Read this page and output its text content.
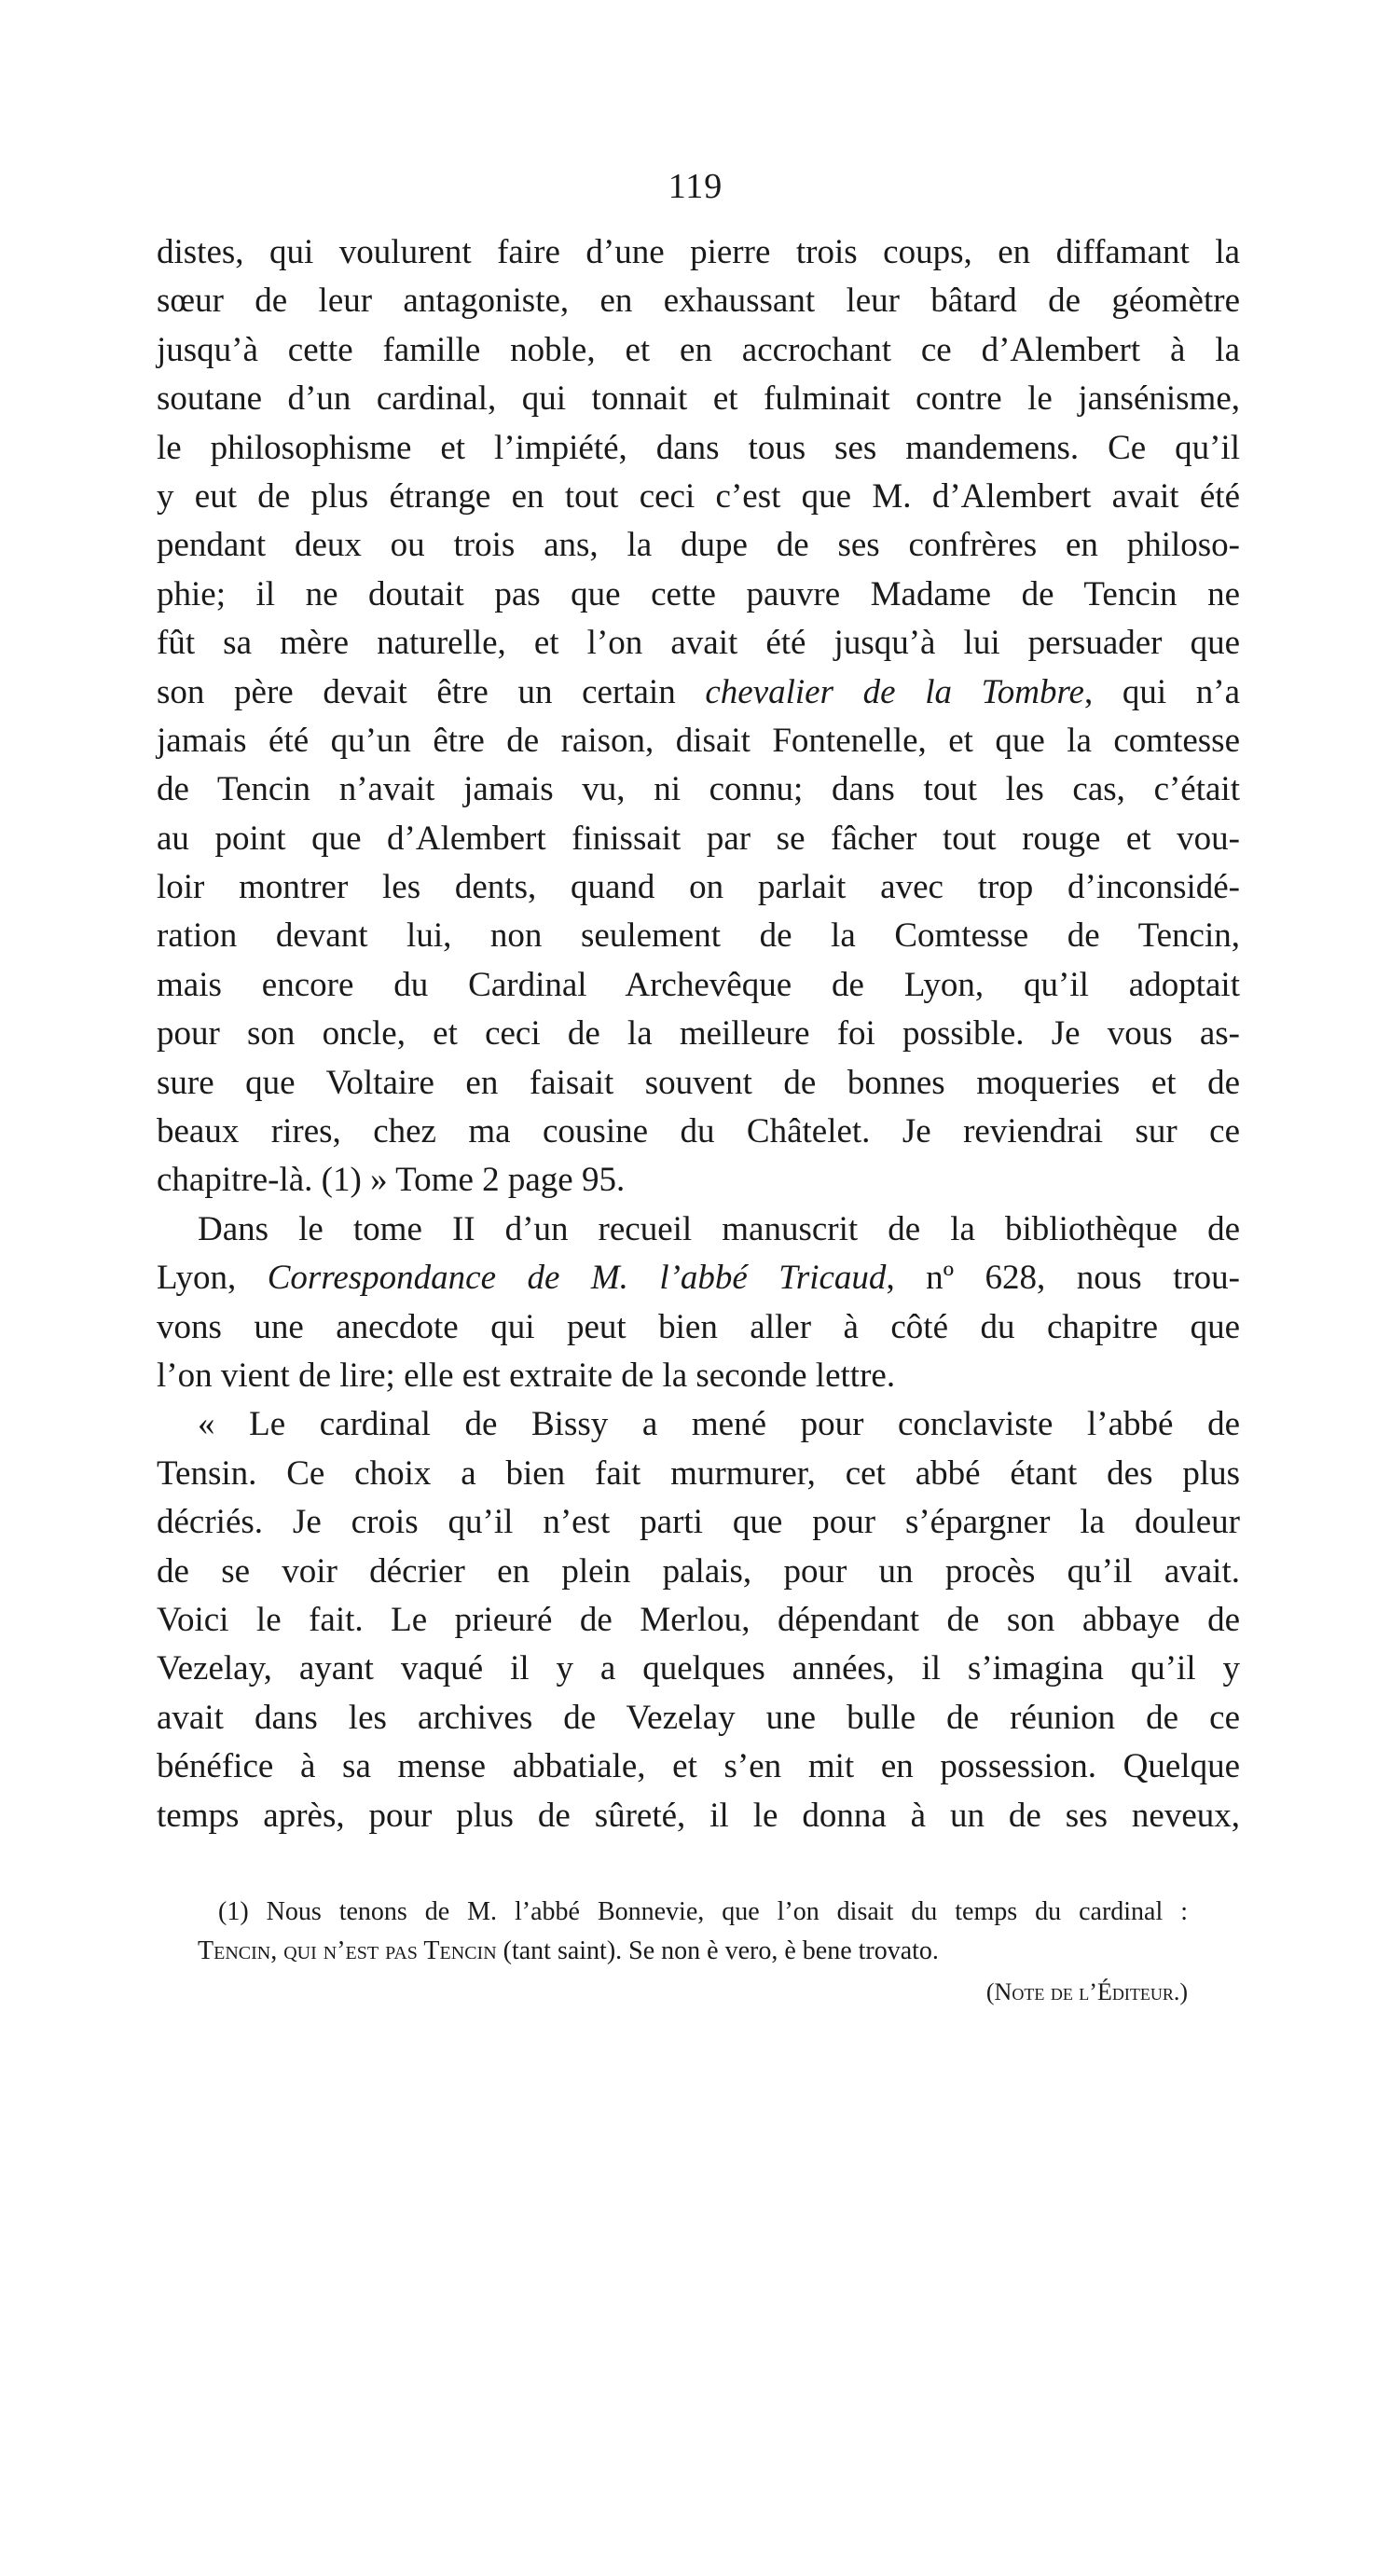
119
distes, qui voulurent faire d’une pierre trois coups, en diffamant la
sœur de leur antagoniste, en exhaussant leur bâtard de géomètre
jusqu’à cette famille noble, et en accrochant ce d’Alembert à la
soutane d’un cardinal, qui tonnait et fulminait contre le jansénisme,
le philosophisme et l’impiété, dans tous ses mandemens. Ce qu’il
y eut de plus étrange en tout ceci c’est que M. d’Alembert avait été
pendant deux ou trois ans, la dupe de ses confrères en philoso-
phie; il ne doutait pas que cette pauvre Madame de Tencin ne
fût sa mère naturelle, et l’on avait été jusqu’à lui persuader que
son père devait être un certain chevalier de la Tombre, qui n’a
jamais été qu’un être de raison, disait Fontenelle, et que la comtesse
de Tencin n’avait jamais vu, ni connu; dans tout les cas, c’était
au point que d’Alembert finissait par se fâcher tout rouge et vou-
loir montrer les dents, quand on parlait avec trop d’inconsidé-
ration devant lui, non seulement de la Comtesse de Tencin,
mais encore du Cardinal Archevêque de Lyon, qu’il adoptait
pour son oncle, et ceci de la meilleure foi possible. Je vous as-
sure que Voltaire en faisait souvent de bonnes moqueries et de
beaux rires, chez ma cousine du Châtelet. Je reviendrai sur ce
chapitre-là. (1) » Tome 2 page 95.
Dans le tome II d’un recueil manuscrit de la bibliothèque de
Lyon, Correspondance de M. l’abbé Tricaud, nº 628, nous trou-
vons une anecdote qui peut bien aller à côté du chapitre que
l’on vient de lire; elle est extraite de la seconde lettre.
« Le cardinal de Bissy a mené pour conclaviste l’abbé de
Tensin. Ce choix a bien fait murmurer, cet abbé étant des plus
décriés. Je crois qu’il n’est parti que pour s’épargner la douleur
de se voir décrier en plein palais, pour un procès qu’il avait.
Voici le fait. Le prieuré de Merlou, dépendant de son abbaye de
Vezelay, ayant vaqué il y a quelques années, il s’imagina qu’il y
avait dans les archives de Vezelay une bulle de réunion de ce
bénéfice à sa mense abbatiale, et s’en mit en possession. Quelque
temps après, pour plus de sûreté, il le donna à un de ses neveux,
(1) Nous tenons de M. l’abbé Bonnevie, que l’on disait du temps du cardinal :
Tencin, qui n’est pas Tencin (tant saint). Se non è vero, è bene trovato.
(Note de l’Éditeur.)
